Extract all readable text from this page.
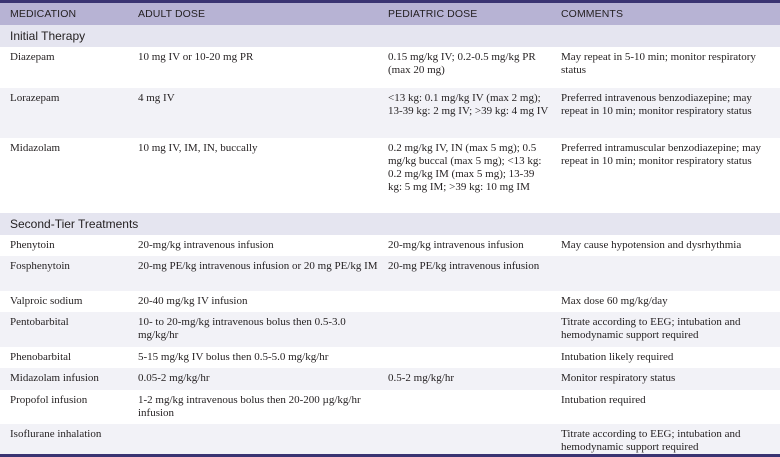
MEDICATION	ADULT DOSE	PEDIATRIC DOSE	COMMENTS
Initial Therapy			
Diazepam	10 mg IV or 10-20 mg PR	0.15 mg/kg IV; 0.2-0.5 mg/kg PR (max 20 mg)	May repeat in 5-10 min; monitor respiratory status
Lorazepam	4 mg IV	<13 kg: 0.1 mg/kg IV (max 2 mg); 13-39 kg: 2 mg IV; >39 kg: 4 mg IV	Preferred intravenous benzodiazepine; may repeat in 10 min; monitor respiratory status
Midazolam	10 mg IV, IM, IN, buccally	0.2 mg/kg IV, IN (max 5 mg); 0.5 mg/kg buccal (max 5 mg); <13 kg: 0.2 mg/kg IM (max 5 mg); 13-39 kg: 5 mg IM; >39 kg: 10 mg IM	Preferred intramuscular benzodiazepine; may repeat in 10 min; monitor respiratory status
Second-Tier Treatments			
Phenytoin	20-mg/kg intravenous infusion	20-mg/kg intravenous infusion	May cause hypotension and dysrhythmia
Fosphenytoin	20-mg PE/kg intravenous infusion or 20 mg PE/kg IM	20-mg PE/kg intravenous infusion	
Valproic sodium	20-40 mg/kg IV infusion		Max dose 60 mg/kg/day
Pentobarbital	10- to 20-mg/kg intravenous bolus then 0.5-3.0 mg/kg/hr		Titrate according to EEG; intubation and hemodynamic support required
Phenobarbital	5-15 mg/kg IV bolus then 0.5-5.0 mg/kg/hr		Intubation likely required
Midazolam infusion	0.05-2 mg/kg/hr	0.5-2 mg/kg/hr	Monitor respiratory status
Propofol infusion	1-2 mg/kg intravenous bolus then 20-200 µg/kg/hr infusion		Intubation required
Isoflurane inhalation			Titrate according to EEG; intubation and hemodynamic support required
